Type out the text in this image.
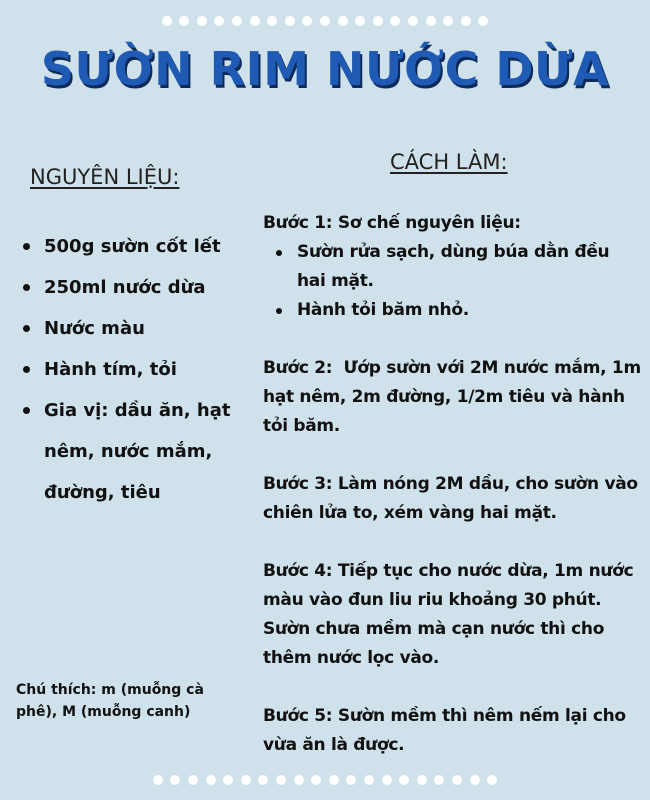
SƯỜN RIM NƯỚC DỪA
NGUYÊN LIỆU:
CÁCH LÀM:
500g sườn cốt lết
250ml nước dừa
Nước màu
Hành tím, tỏi
Gia vị: dầu ăn, hạt nêm, nước mắm, đường, tiêu
Chú thích: m (muỗng cà phê), M (muỗng canh)

Bước 1: Sơ chế nguyên liệu:

Sườn rửa sạch, dùng búa dằn đều hai mặt.
Hành tỏi băm nhỏ.

Bước 2:  Ướp sườn với 2M nước mắm, 1m hạt nêm, 2m đường, 1/2m tiêu và hành tỏi băm.

Bước 3: Làm nóng 2M dầu, cho sườn vào chiên lửa to, xém vàng hai mặt.

Bước 4: Tiếp tục cho nước dừa, 1m nước màu vào đun liu riu khoảng 30 phút. Sườn chưa mềm mà cạn nước thì cho thêm nước lọc vào.

Bước 5: Sườn mềm thì nêm nếm lại cho vừa ăn là được.
